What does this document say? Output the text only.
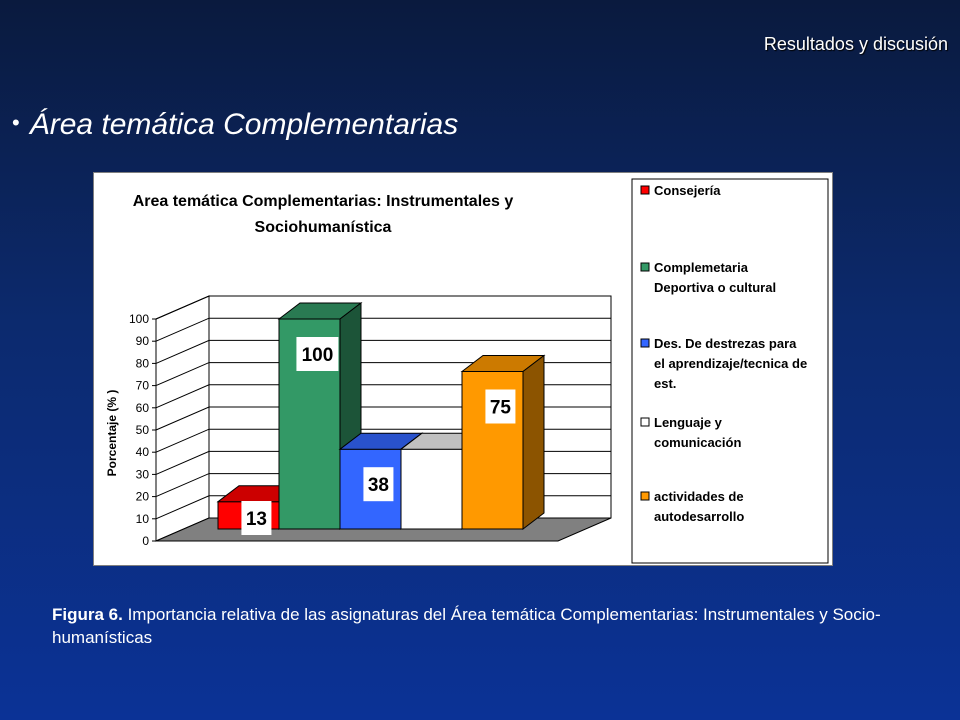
Resultados y discusión
• Área temática Complementarias
Area temática Complementarias: Instrumentales y
Sociohumanística
0
10
20
30
40
50
60
70
80
90
100
Porcentaje (% )
13
100
38
75
Consejería
Complemetaria
Deportiva o cultural
Des. De destrezas para
el aprendizaje/tecnica de
est.
Lenguaje y
comunicación
actividades de
autodesarrollo
Figura 6. Importancia relativa de las asignaturas del Área temática Complementarias: Instrumentales y Socio-humanísticas
